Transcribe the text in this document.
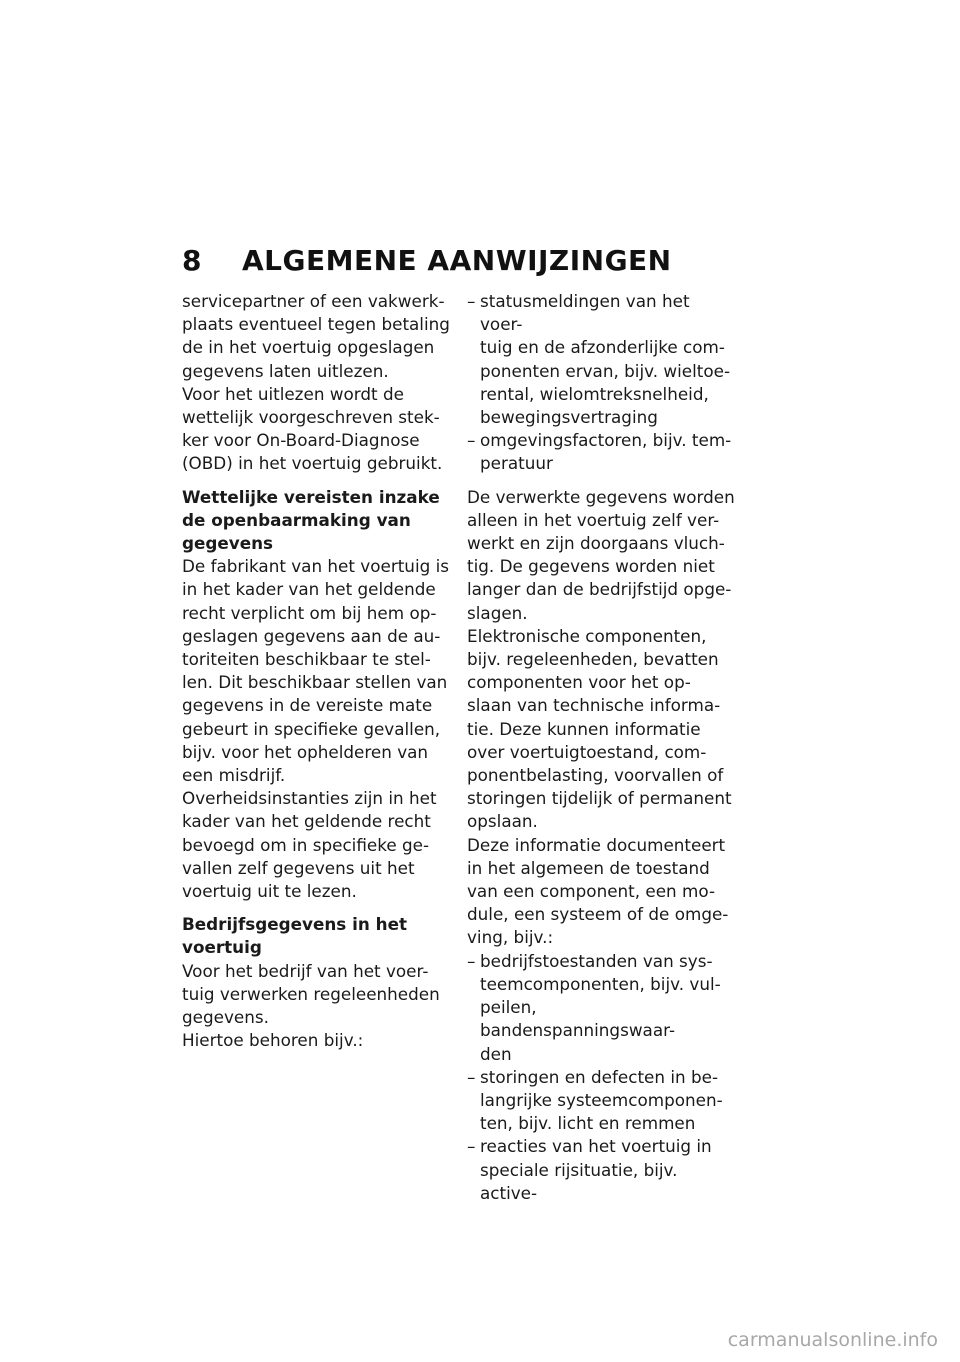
8 ALGEMENE AANWIJZINGEN

servicepartner of een vakwerk-
plaats eventueel tegen betaling
de in het voertuig opgeslagen
gegevens laten uitlezen.

Voor het uitlezen wordt de
wettelijk voorgeschreven stek-
ker voor On-Board-Diagnose
(OBD) in het voertuig gebruikt.

Wettelijke vereisten inzake
de openbaarmaking van
gegevens

De fabrikant van het voertuig is
in het kader van het geldende
recht verplicht om bij hem op-
geslagen gegevens aan de au-
toriteiten beschikbaar te stel-
len. Dit beschikbaar stellen van
gegevens in de vereiste mate
gebeurt in specifieke gevallen,
bijv. voor het ophelderen van
een misdrijf.

Overheidsinstanties zijn in het
kader van het geldende recht
bevoegd om in specifieke ge-
vallen zelf gegevens uit het
voertuig uit te lezen.

Bedrijfsgegevens in het
voertuig

Voor het bedrijf van het voer-
tuig verwerken regeleenheden
gegevens.

Hiertoe behoren bijv.:

– statusmeldingen van het voer-
tuig en de afzonderlijke com-
ponenten ervan, bijv. wieltoe-
rental, wielomtreksnelheid,
bewegingsvertraging
– omgevingsfactoren, bijv. tem-
peratuur

De verwerkte gegevens worden
alleen in het voertuig zelf ver-
werkt en zijn doorgaans vluch-
tig. De gegevens worden niet
langer dan de bedrijfstijd opge-
slagen.

Elektronische componenten,
bijv. regeleenheden, bevatten
componenten voor het op-
slaan van technische informa-
tie. Deze kunnen informatie
over voertuigtoestand, com-
ponentbelasting, voorvallen of
storingen tijdelijk of permanent
opslaan.

Deze informatie documenteert
in het algemeen de toestand
van een component, een mo-
dule, een systeem of de omge-
ving, bijv.:

– bedrijfstoestanden van sys-
teemcomponenten, bijv. vul-
peilen, bandenspanningswaar-
den
– storingen en defecten in be-
langrijke systeemcomponen-
ten, bijv. licht en remmen
– reacties van het voertuig in
speciale rijsituatie, bijv. active-
carmanualsonline.info
